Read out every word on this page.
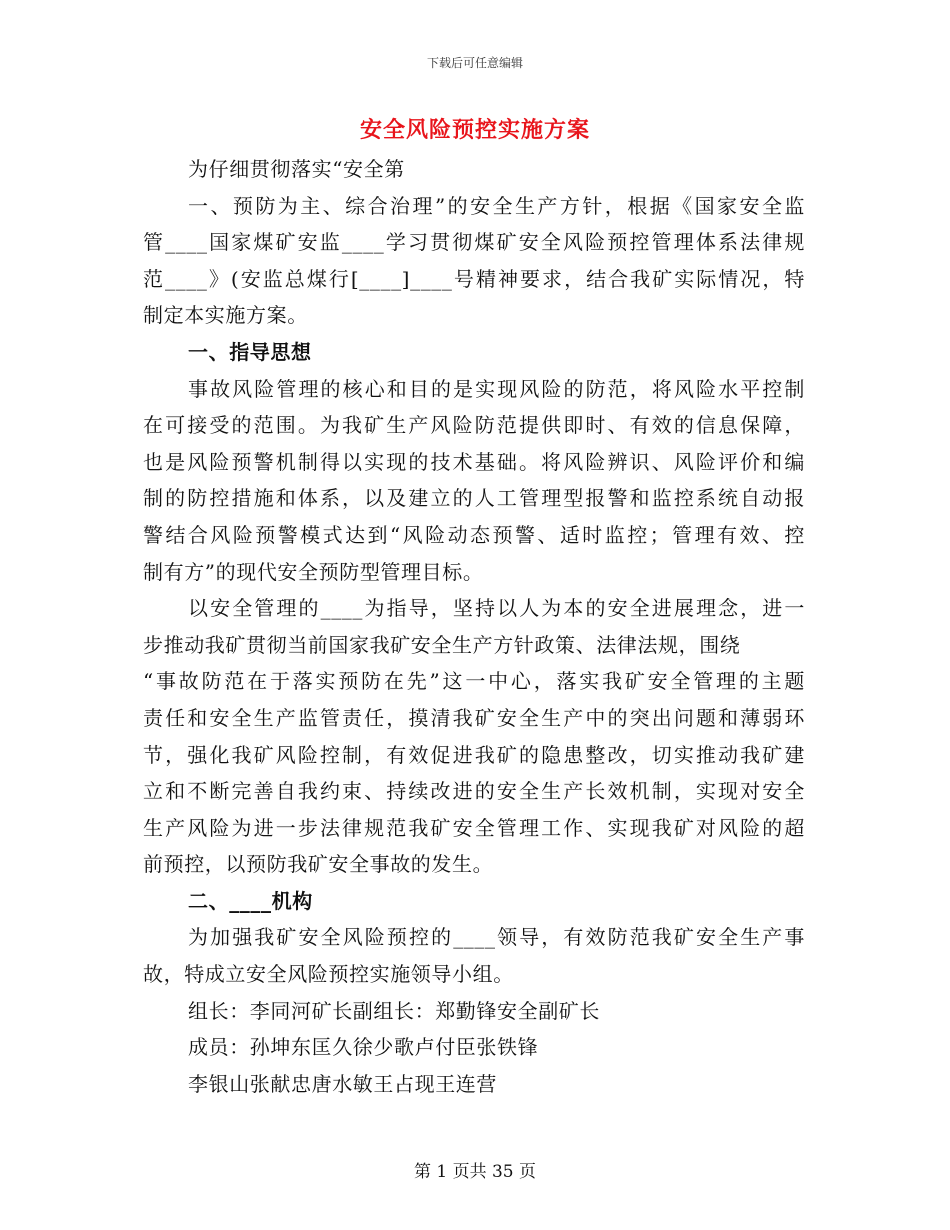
下载后可任意编辑
安全风险预控实施方案
为仔细贯彻落实“安全第
一、预防为主、综合治理”的安全生产方针，根据《国家安全监
管____国家煤矿安监____学习贯彻煤矿安全风险预控管理体系法律规
范____》(安监总煤行[____]____号精神要求，结合我矿实际情况，特
制定本实施方案。
一、指导思想
事故风险管理的核心和目的是实现风险的防范，将风险水平控制
在可接受的范围。为我矿生产风险防范提供即时、有效的信息保障，
也是风险预警机制得以实现的技术基础。将风险辨识、风险评价和编
制的防控措施和体系，以及建立的人工管理型报警和监控系统自动报
警结合风险预警模式达到“风险动态预警、适时监控；管理有效、控
制有方”的现代安全预防型管理目标。
以安全管理的____为指导，坚持以人为本的安全进展理念，进一
步推动我矿贯彻当前国家我矿安全生产方针政策、法律法规，围绕
“事故防范在于落实预防在先”这一中心，落实我矿安全管理的主题
责任和安全生产监管责任，摸清我矿安全生产中的突出问题和薄弱环
节，强化我矿风险控制，有效促进我矿的隐患整改，切实推动我矿建
立和不断完善自我约束、持续改进的安全生产长效机制，实现对安全
生产风险为进一步法律规范我矿安全管理工作、实现我矿对风险的超
前预控，以预防我矿安全事故的发生。
二、____机构
为加强我矿安全风险预控的____领导，有效防范我矿安全生产事
故，特成立安全风险预控实施领导小组。
组长：李同河矿长副组长：郑勤锋安全副矿长
成员：孙坤东匡久徐少歌卢付臣张铁锋
李银山张献忠唐水敏王占现王连营
第 1 页共 35 页
